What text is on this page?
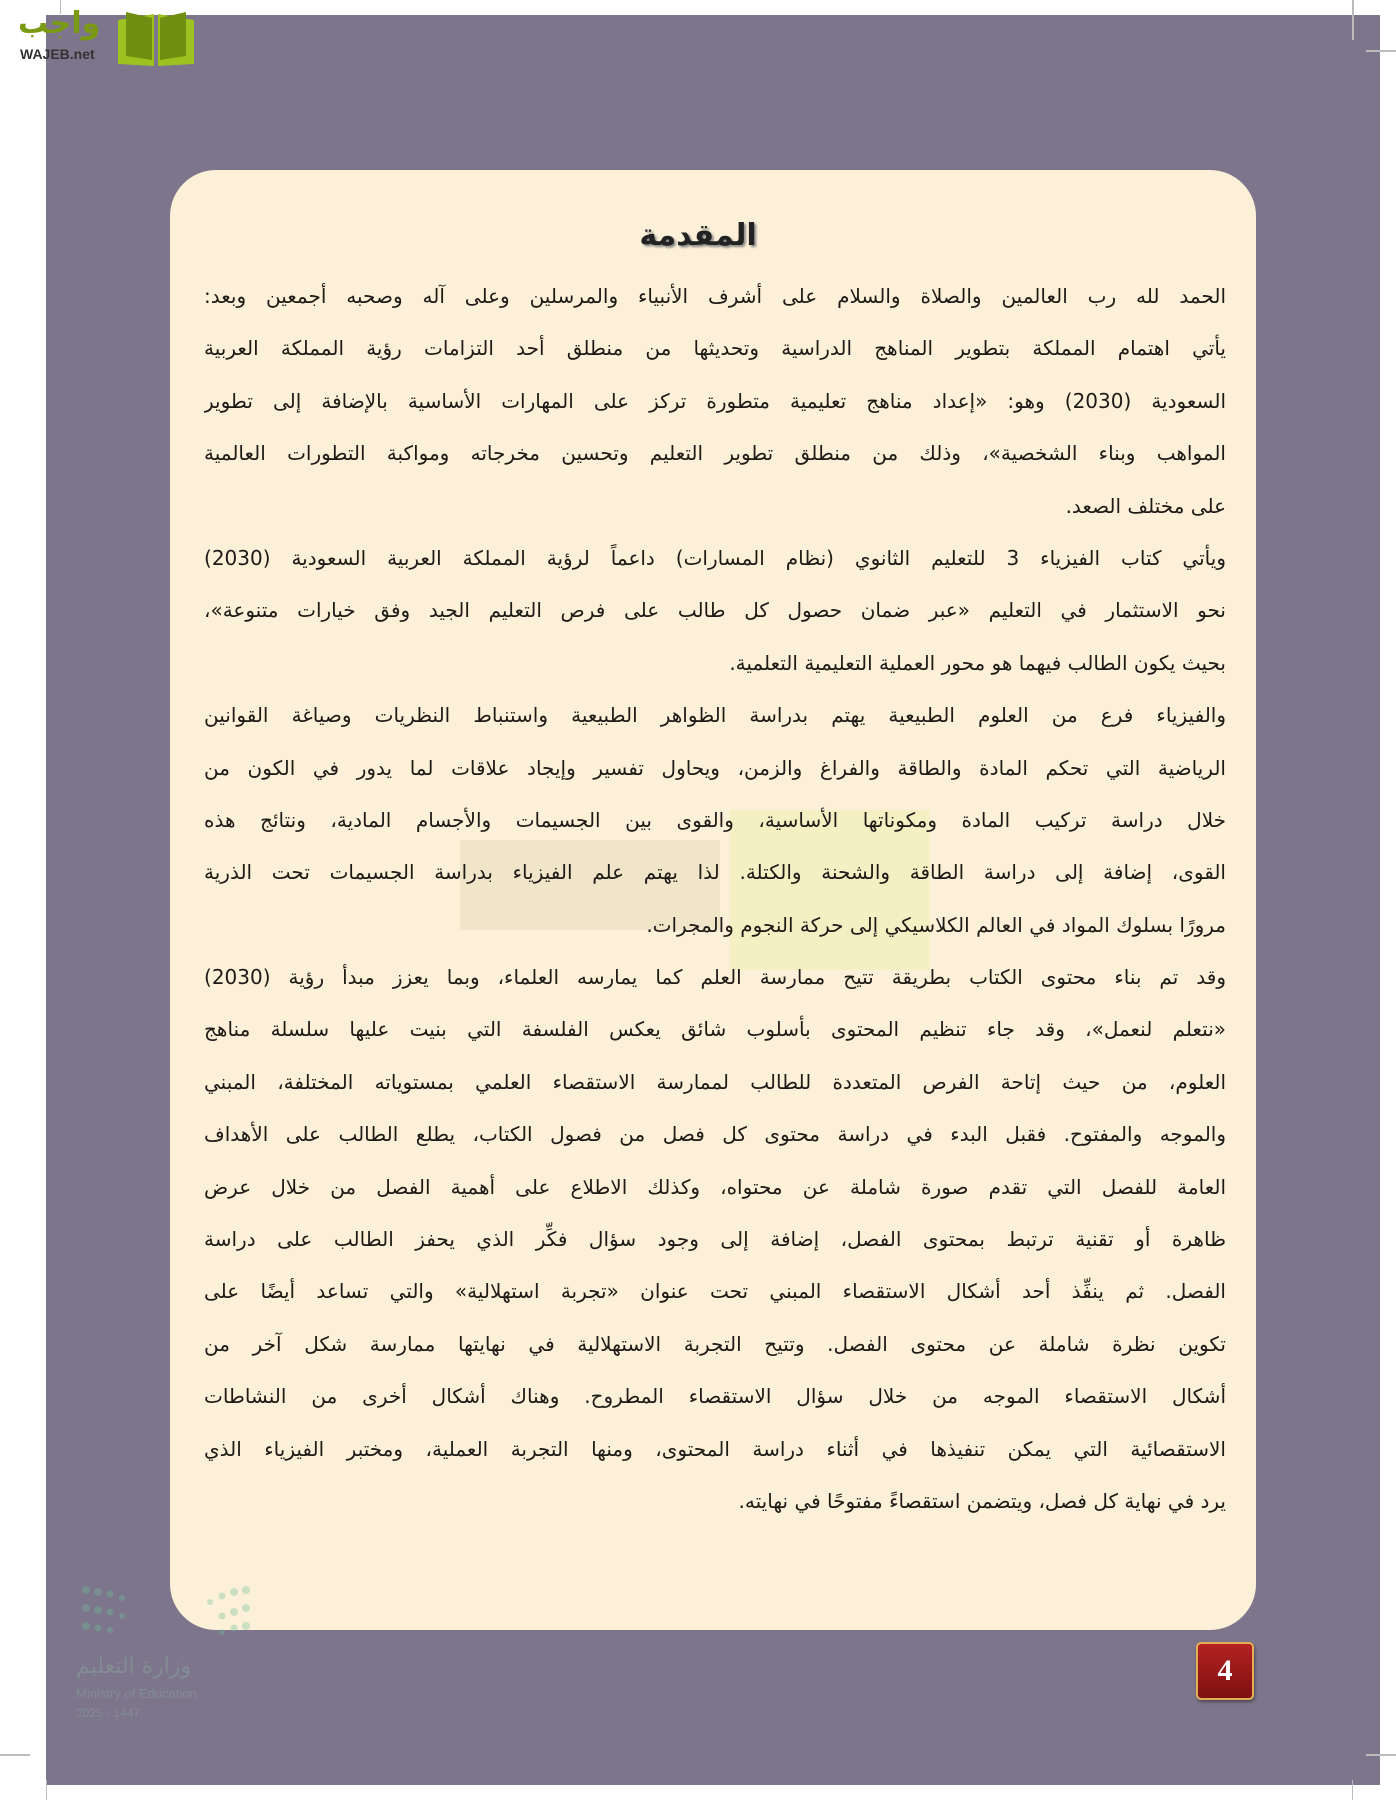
واجب
WAJEB.net
المقدمة
الحمد لله رب العالمين والصلاة والسلام على أشرف الأنبياء والمرسلين وعلى آله وصحبه أجمعين وبعد:
يأتي اهتمام المملكة بتطوير المناهج الدراسية وتحديثها من منطلق أحد التزامات رؤية المملكة العربية
السعودية (2030) وهو: «إعداد مناهج تعليمية متطورة تركز على المهارات الأساسية بالإضافة إلى تطوير
المواهب وبناء الشخصية»، وذلك من منطلق تطوير التعليم وتحسين مخرجاته ومواكبة التطورات العالمية
على مختلف الصعد.
ويأتي كتاب الفيزياء 3 للتعليم الثانوي (نظام المسارات) داعماً لرؤية المملكة العربية السعودية (2030)
نحو الاستثمار في التعليم «عبر ضمان حصول كل طالب على فرص التعليم الجيد وفق خيارات متنوعة»،
بحيث يكون الطالب فيهما هو محور العملية التعليمية التعلمية.
والفيزياء فرع من العلوم الطبيعية يهتم بدراسة الظواهر الطبيعية واستنباط النظريات وصياغة القوانين
الرياضية التي تحكم المادة والطاقة والفراغ والزمن، ويحاول تفسير وإيجاد علاقات لما يدور في الكون من
خلال دراسة تركيب المادة ومكوناتها الأساسية، والقوى بين الجسيمات والأجسام المادية، ونتائج هذه
القوى، إضافة إلى دراسة الطاقة والشحنة والكتلة. لذا يهتم علم الفيزياء بدراسة الجسيمات تحت الذرية
مرورًا بسلوك المواد في العالم الكلاسيكي إلى حركة النجوم والمجرات.
وقد تم بناء محتوى الكتاب بطريقة تتيح ممارسة العلم كما يمارسه العلماء، وبما يعزز مبدأ رؤية (2030)
«نتعلم لنعمل»، وقد جاء تنظيم المحتوى بأسلوب شائق يعكس الفلسفة التي بنيت عليها سلسلة مناهج
العلوم، من حيث إتاحة الفرص المتعددة للطالب لممارسة الاستقصاء العلمي بمستوياته المختلفة، المبني
والموجه والمفتوح. فقبل البدء في دراسة محتوى كل فصل من فصول الكتاب، يطلع الطالب على الأهداف
العامة للفصل التي تقدم صورة شاملة عن محتواه، وكذلك الاطلاع على أهمية الفصل من خلال عرض
ظاهرة أو تقنية ترتبط بمحتوى الفصل، إضافة إلى وجود سؤال فكِّر الذي يحفز الطالب على دراسة
الفصل. ثم ينفِّذ أحد أشكال الاستقصاء المبني تحت عنوان «تجربة استهلالية» والتي تساعد أيضًا على
تكوين نظرة شاملة عن محتوى الفصل. وتتيح التجربة الاستهلالية في نهايتها ممارسة شكل آخر من
أشكال الاستقصاء الموجه من خلال سؤال الاستقصاء المطروح. وهناك أشكال أخرى من النشاطات
الاستقصائية التي يمكن تنفيذها في أثناء دراسة المحتوى، ومنها التجربة العملية، ومختبر الفيزياء الذي
يرد في نهاية كل فصل، ويتضمن استقصاءً مفتوحًا في نهايته.
وزارة التعليم
Ministry of Education
2025 - 1447
4
